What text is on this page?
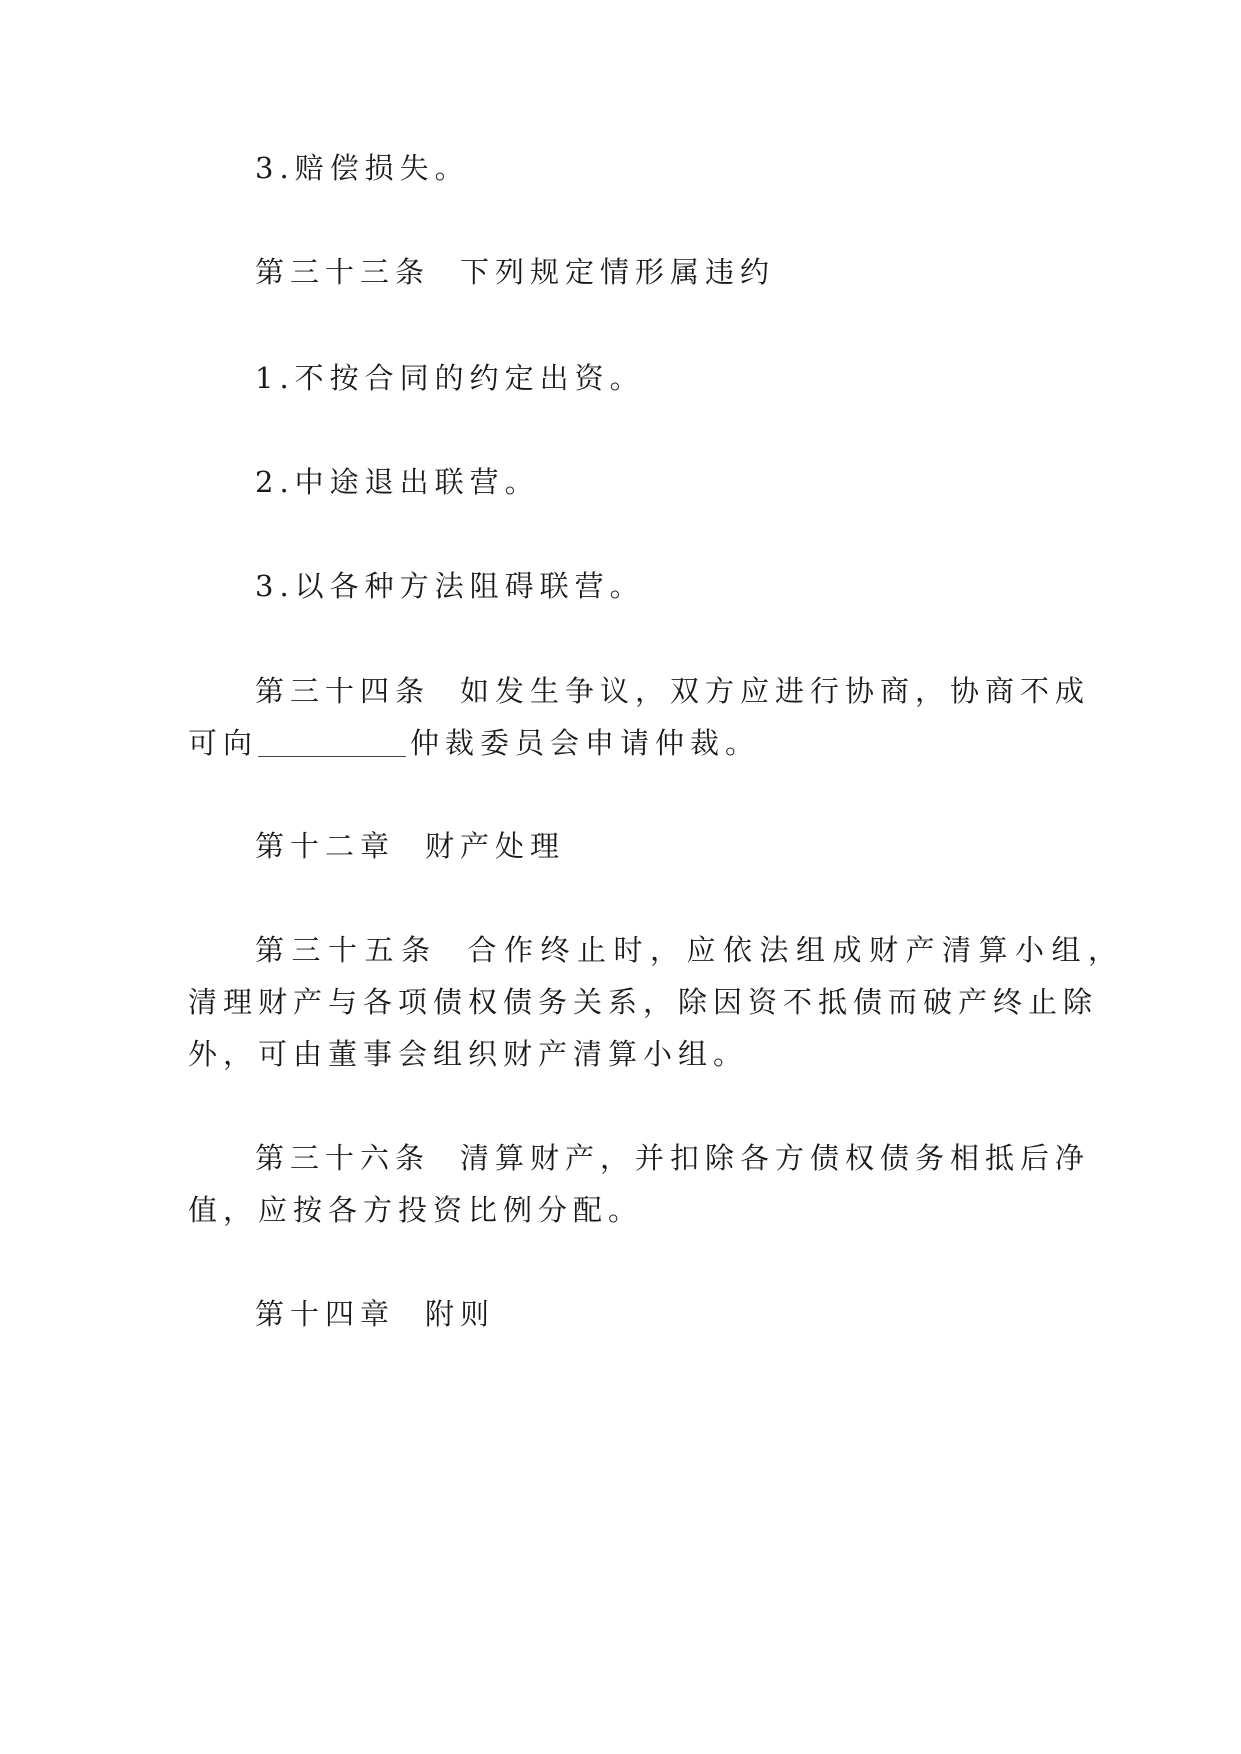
3.赔偿损失。
第三十三条 下列规定情形属违约
1.不按合同的约定出资。
2.中途退出联营。
3.以各种方法阻碍联营。
第三十四条 如发生争议，双方应进行协商，协商不成
可向	仲裁委员会申请仲裁。
第十二章 财产处理
第三十五条 合作终止时，应依法组成财产清算小组，
清理财产与各项债权债务关系，除因资不抵债而破产终止除
外，可由董事会组织财产清算小组。
第三十六条 清算财产，并扣除各方债权债务相抵后净
值，应按各方投资比例分配。
第十四章 附则
